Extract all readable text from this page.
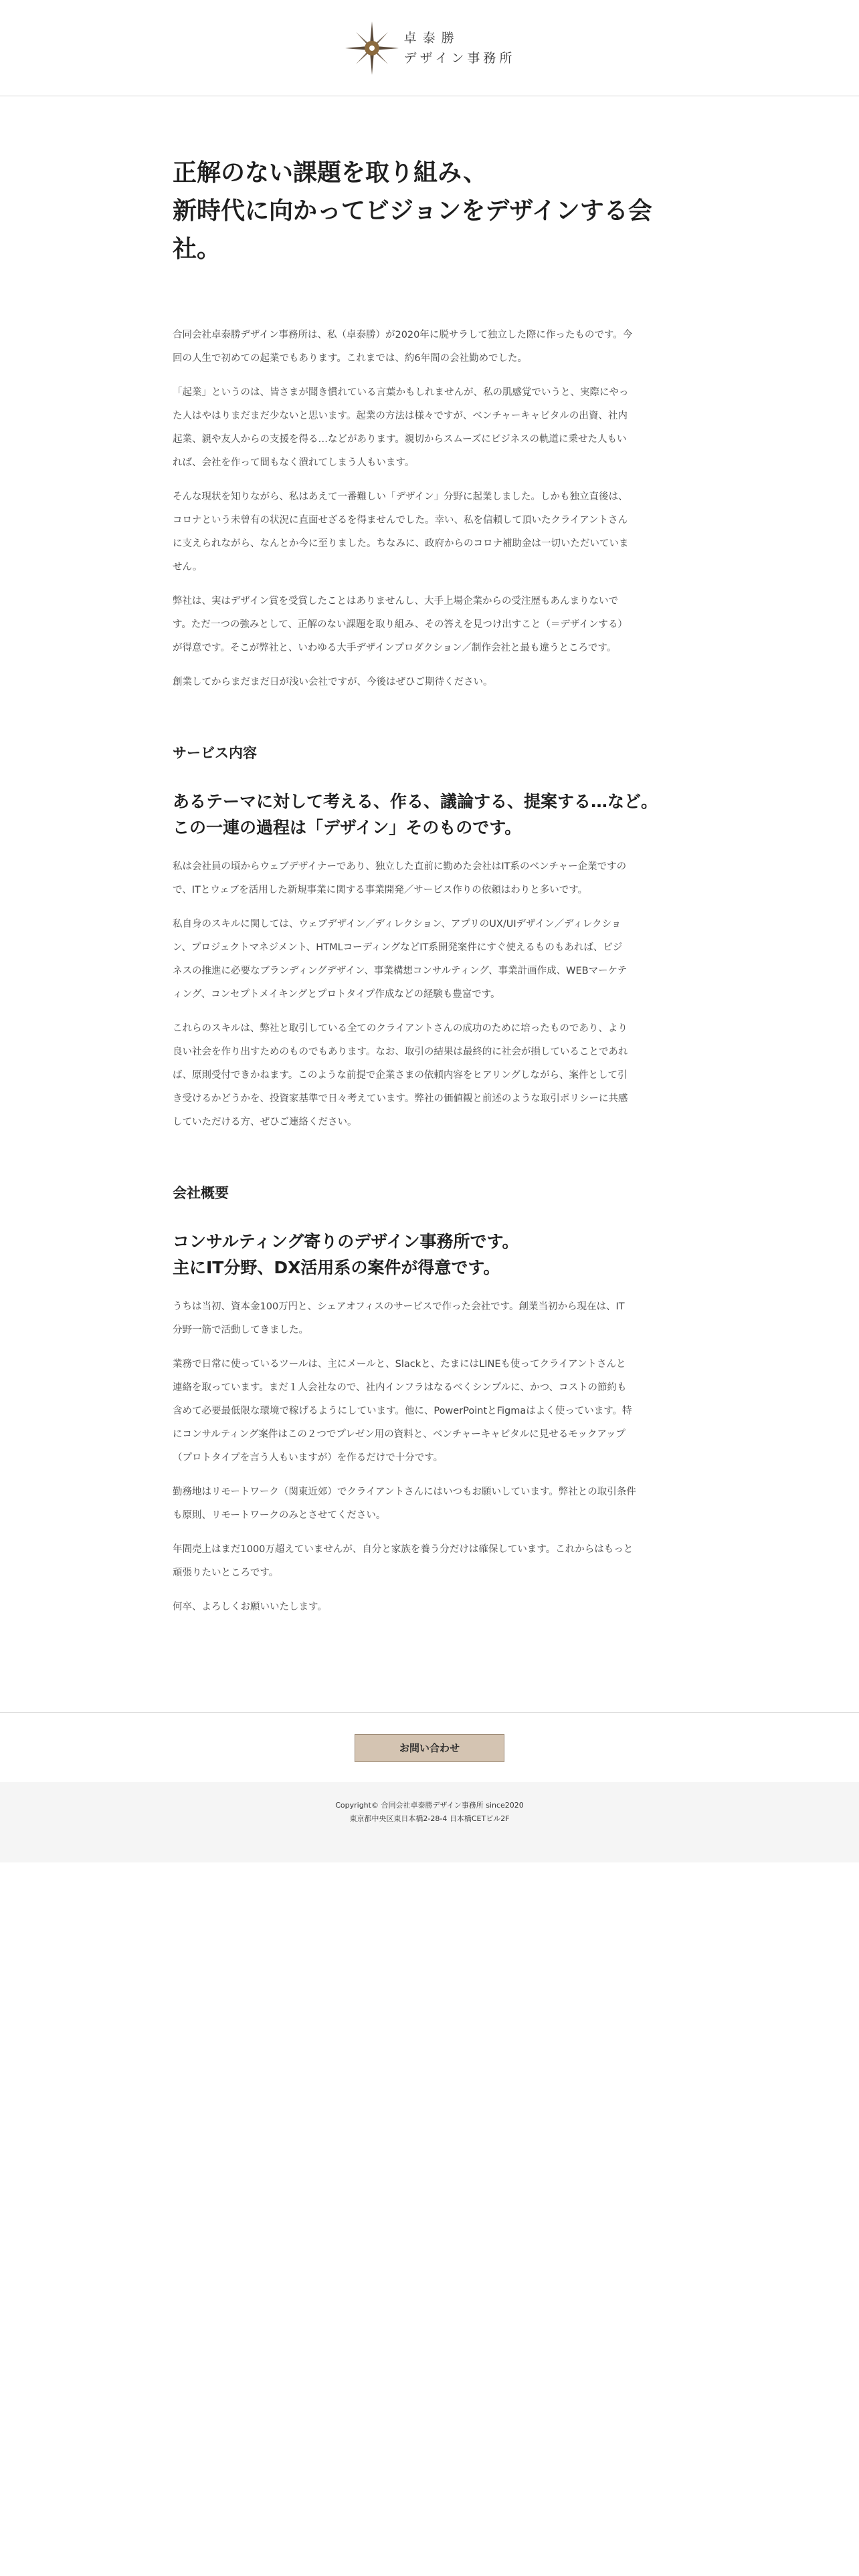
卓泰勝
デザイン事務所
正解のない課題を取り組み、
新時代に向かってビジョンをデザインする会
社。

合同会社卓泰勝デザイン事務所は、私（卓泰勝）が2020年に脱サラして独立した際に作ったものです。今
回の人生で初めての起業でもあります。これまでは、約6年間の会社勤めでした。

「起業」というのは、皆さまが聞き慣れている言葉かもしれませんが、私の肌感覚でいうと、実際にやっ
た人はやはりまだまだ少ないと思います。起業の方法は様々ですが、ベンチャーキャピタルの出資、社内
起業、親や友人からの支援を得る…などがあります。親切からスムーズにビジネスの軌道に乗せた人もい
れば、会社を作って間もなく潰れてしまう人もいます。

そんな現状を知りながら、私はあえて一番難しい「デザイン」分野に起業しました。しかも独立直後は、
コロナという未曾有の状況に直面せざるを得ませんでした。幸い、私を信頼して頂いたクライアントさん
に支えられながら、なんとか今に至りました。ちなみに、政府からのコロナ補助金は一切いただいていま
せん。

弊社は、実はデザイン賞を受賞したことはありませんし、大手上場企業からの受注歴もあんまりないで
す。ただ一つの強みとして、正解のない課題を取り組み、その答えを見つけ出すこと（＝デザインする）
が得意です。そこが弊社と、いわゆる大手デザインプロダクション／制作会社と最も違うところです。

創業してからまだまだ日が浅い会社ですが、今後はぜひご期待ください。

サービス内容
あるテーマに対して考える、作る、議論する、提案する…など。
この一連の過程は「デザイン」そのものです。

私は会社員の頃からウェブデザイナーであり、独立した直前に勤めた会社はIT系のベンチャー企業ですの
で、ITとウェブを活用した新規事業に関する事業開発／サービス作りの依頼はわりと多いです。

私自身のスキルに関しては、ウェブデザイン／ディレクション、アプリのUX/UIデザイン／ディレクショ
ン、プロジェクトマネジメント、HTMLコーディングなどIT系開発案件にすぐ使えるものもあれば、ビジ
ネスの推進に必要なブランディングデザイン、事業構想コンサルティング、事業計画作成、WEBマーケテ
ィング、コンセプトメイキングとプロトタイプ作成などの経験も豊富です。

これらのスキルは、弊社と取引している全てのクライアントさんの成功のために培ったものであり、より
良い社会を作り出すためのものでもあります。なお、取引の結果は最終的に社会が損していることであれ
ば、原則受付できかねます。このような前提で企業さまの依頼内容をヒアリングしながら、案件として引
き受けるかどうかを、投資家基準で日々考えています。弊社の価値観と前述のような取引ポリシーに共感
していただける方、ぜひご連絡ください。

会社概要
コンサルティング寄りのデザイン事務所です。
主にIT分野、DX活用系の案件が得意です。

うちは当初、資本金100万円と、シェアオフィスのサービスで作った会社です。創業当初から現在は、IT
分野一筋で活動してきました。

業務で日常に使っているツールは、主にメールと、Slackと、たまにはLINEも使ってクライアントさんと
連絡を取っています。まだ１人会社なので、社内インフラはなるべくシンプルに、かつ、コストの節約も
含めて必要最低限な環境で稼げるようにしています。他に、PowerPointとFigmaはよく使っています。特
にコンサルティング案件はこの２つでプレゼン用の資料と、ベンチャーキャピタルに見せるモックアップ
（プロトタイプを言う人もいますが）を作るだけで十分です。

勤務地はリモートワーク（関東近郊）でクライアントさんにはいつもお願いしています。弊社との取引条件
も原則、リモートワークのみとさせてください。

年間売上はまだ1000万超えていませんが、自分と家族を養う分だけは確保しています。これからはもっと
頑張りたいところです。

何卒、よろしくお願いいたします。

お問い合わせ
Copyright© 合同会社卓泰勝デザイン事務所 since2020
東京都中央区東日本橋2-28-4 日本橋CETビル2F
